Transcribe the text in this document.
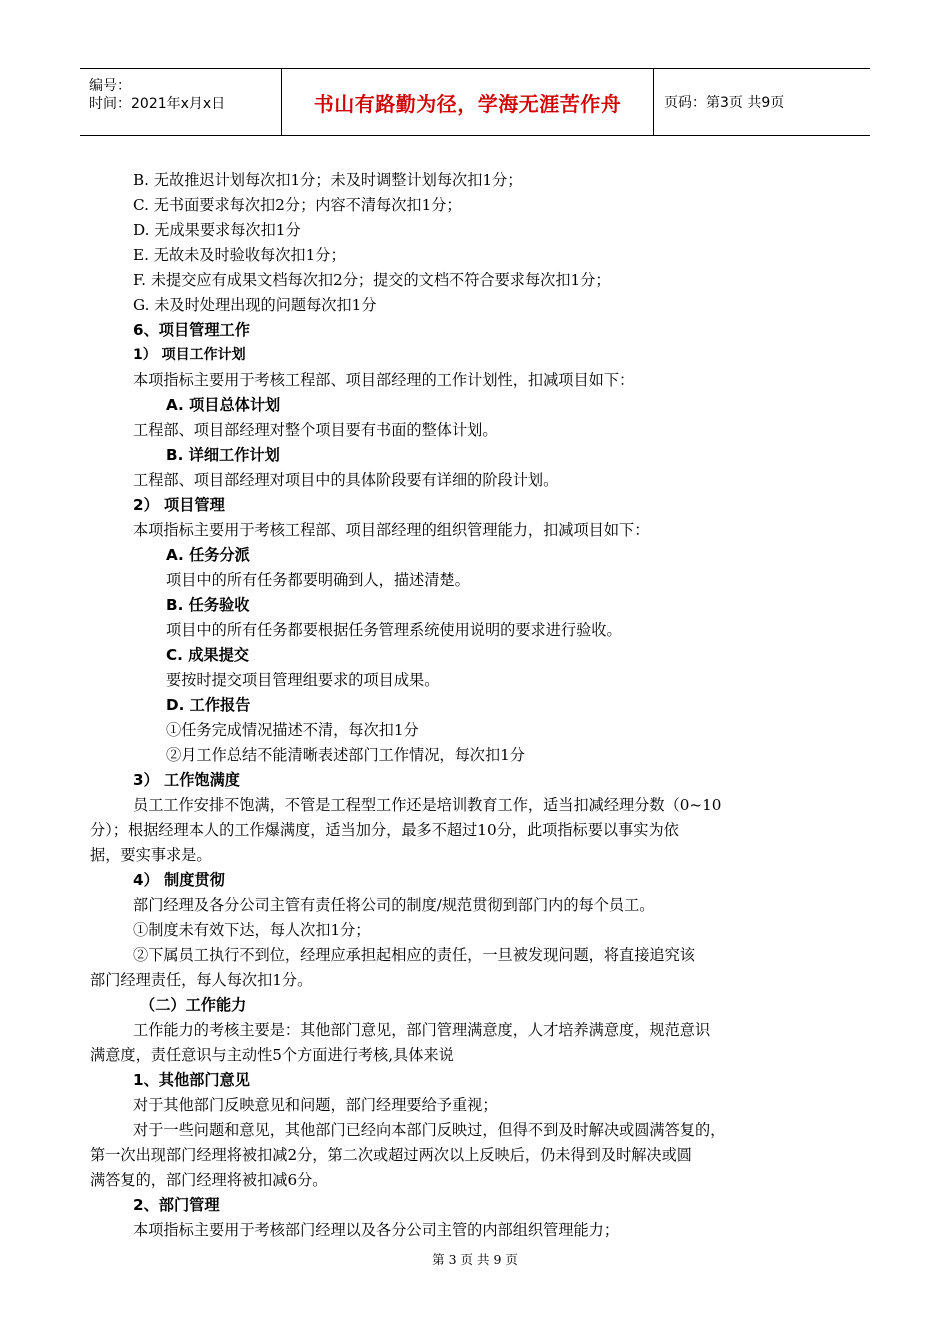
编号：
时间：2021年x月x日	书山有路勤为径，学海无涯苦作舟	页码：第3页 共9页
B. 无故推迟计划每次扣1分；未及时调整计划每次扣1分；
C. 无书面要求每次扣2分；内容不清每次扣1分；
D. 无成果要求每次扣1分
E. 无故未及时验收每次扣1分；
F. 未提交应有成果文档每次扣2分；提交的文档不符合要求每次扣1分；
G. 未及时处理出现的问题每次扣1分
6、项目管理工作
1） 项目工作计划
本项指标主要用于考核工程部、项目部经理的工作计划性，扣减项目如下：
A. 项目总体计划
工程部、项目部经理对整个项目要有书面的整体计划。
B. 详细工作计划
工程部、项目部经理对项目中的具体阶段要有详细的阶段计划。
2） 项目管理
本项指标主要用于考核工程部、项目部经理的组织管理能力，扣减项目如下：
A. 任务分派
项目中的所有任务都要明确到人，描述清楚。
B. 任务验收
项目中的所有任务都要根据任务管理系统使用说明的要求进行验收。
C. 成果提交
要按时提交项目管理组要求的项目成果。
D. 工作报告
①任务完成情况描述不清，每次扣1分
②月工作总结不能清晰表述部门工作情况，每次扣1分
3） 工作饱满度
员工工作安排不饱满，不管是工程型工作还是培训教育工作，适当扣减经理分数（0~10
分）；根据经理本人的工作爆满度，适当加分，最多不超过10分，此项指标要以事实为依
据，要实事求是。
4） 制度贯彻
部门经理及各分公司主管有责任将公司的制度/规范贯彻到部门内的每个员工。
①制度未有效下达，每人次扣1分；
②下属员工执行不到位，经理应承担起相应的责任，一旦被发现问题，将直接追究该
部门经理责任，每人每次扣1分。
（二）工作能力
工作能力的考核主要是：其他部门意见，部门管理满意度，人才培养满意度，规范意识
满意度，责任意识与主动性5个方面进行考核,具体来说
1、其他部门意见
对于其他部门反映意见和问题，部门经理要给予重视；
对于一些问题和意见，其他部门已经向本部门反映过，但得不到及时解决或圆满答复的，
第一次出现部门经理将被扣减2分，第二次或超过两次以上反映后，仍未得到及时解决或圆
满答复的，部门经理将被扣减6分。
2、部门管理
本项指标主要用于考核部门经理以及各分公司主管的内部组织管理能力；
第 3 页 共 9 页
